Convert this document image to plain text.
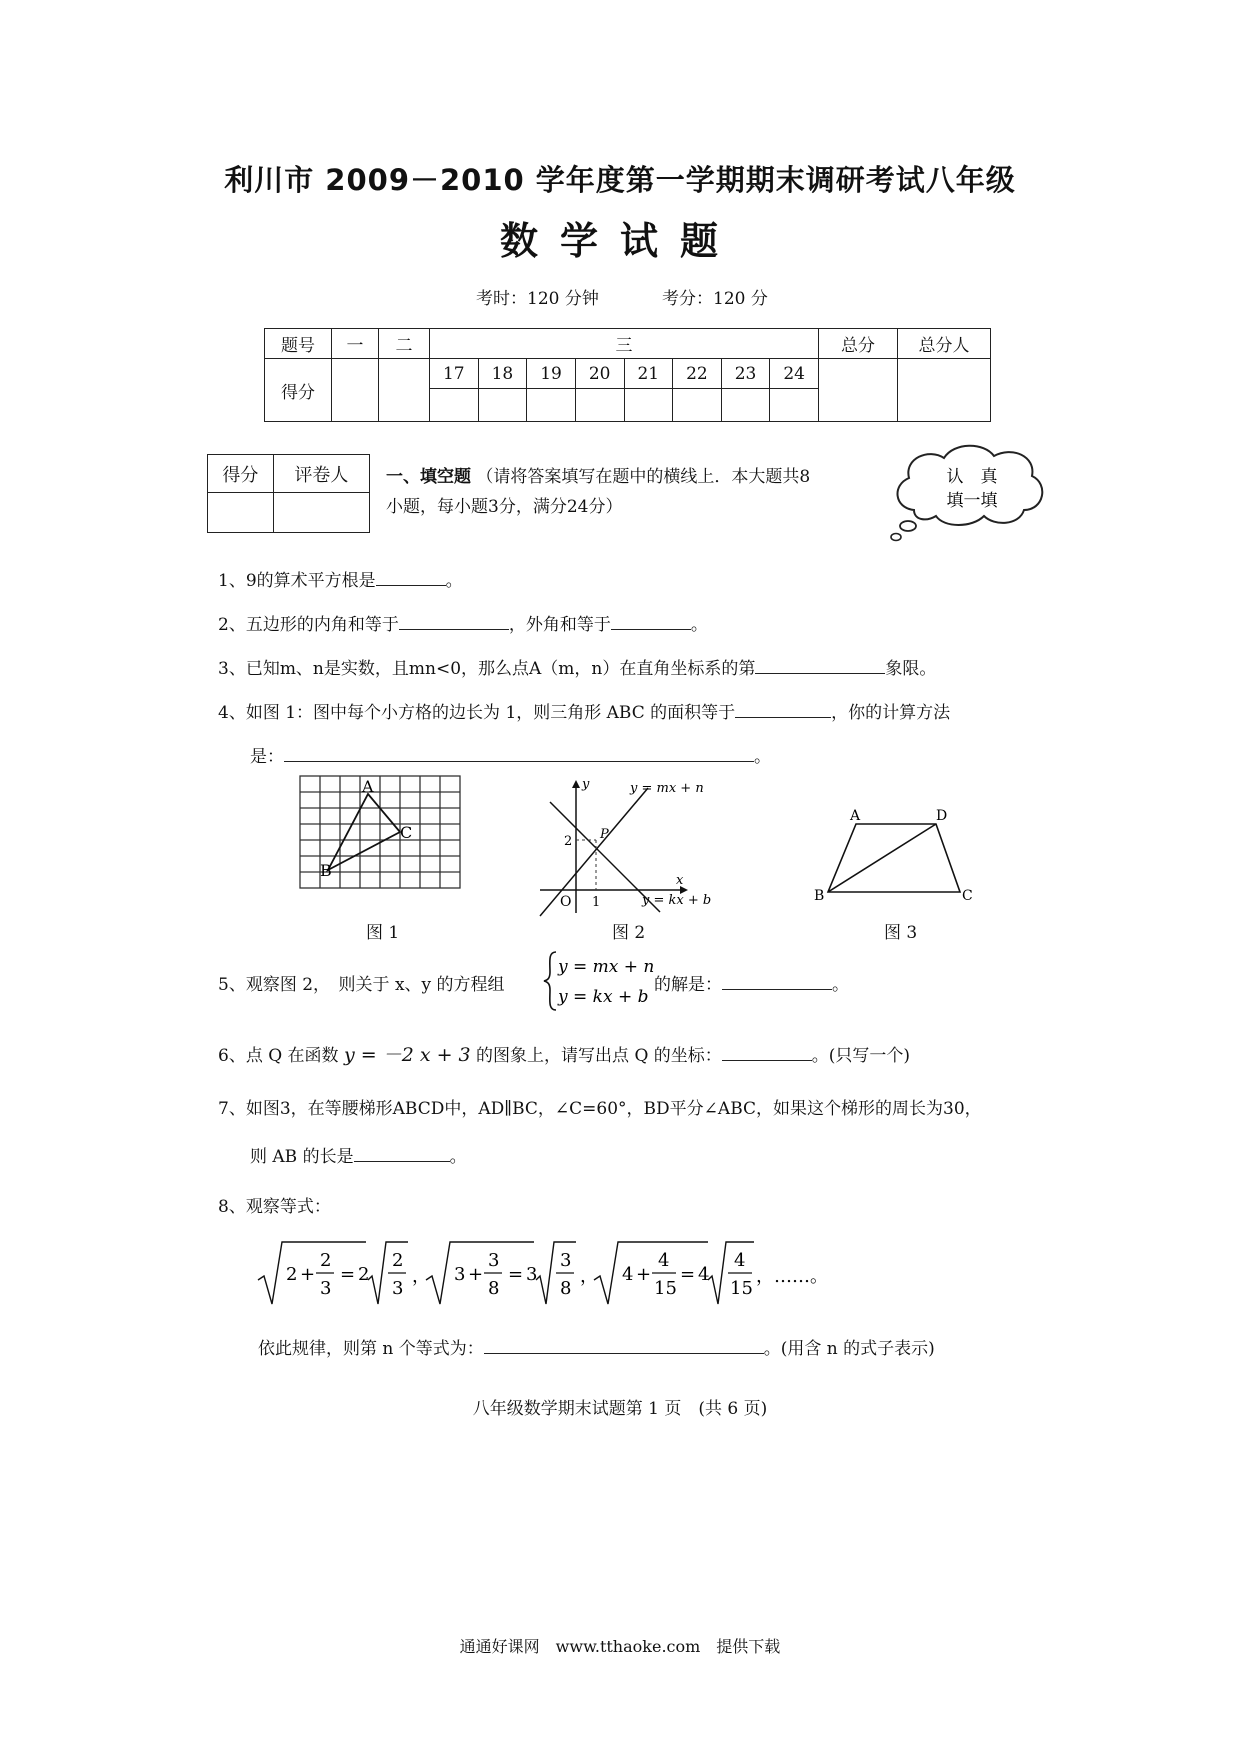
利川市 2009－2010 学年度第一学期期末调研考试八年级
数学试题
考时：120 分钟	考分：120 分
题号	一	二	三								总分	总分人
得分			17	18	19	20	21	22	23	24		

得分	评卷人
	一、填空题 （请将答案填写在题中的横线上．本大题共8
小题，每小题3分，满分24分）
认　真
填一填
1、9的算术平方根是	。
2、五边形的内角和等于	，外角和等于	。
3、已知m、n是实数，且mn<0，那么点A（m，n）在直角坐标系的第	象限。
4、如图 1：图中每个小方格的边长为 1，则三角形 ABC 的面积等于	，你的计算方法
是：	。
A
B
C
图 1
y
x
O 1
2 P
y = mx + n
y = kx + b
图 2
A
B	C
D
图 3
5、观察图 2，　则关于 x、y 的方程组
y = mx + n
y = kx + b
的解是：	。
6、点 Q 在函数 y = －2 x + 3 的图象上，请写出点 Q 的坐标：	。(只写一个)
7、如图3，在等腰梯形ABCD中，AD∥BC，∠C=60°，BD平分∠ABC，如果这个梯形的周长为30，
则 AB 的长是	。
8、观察等式：
2 +
2
3
= 2
2
3
， 3 +
3
8
= 3
3
8
， 4 +
4
15
= 4
4
15
，……。
依此规律，则第 n 个等式为：	。(用含 n 的式子表示)
八年级数学期末试题第 1 页　(共 6 页)
通通好课网　www.tthaoke.com　提供下载
